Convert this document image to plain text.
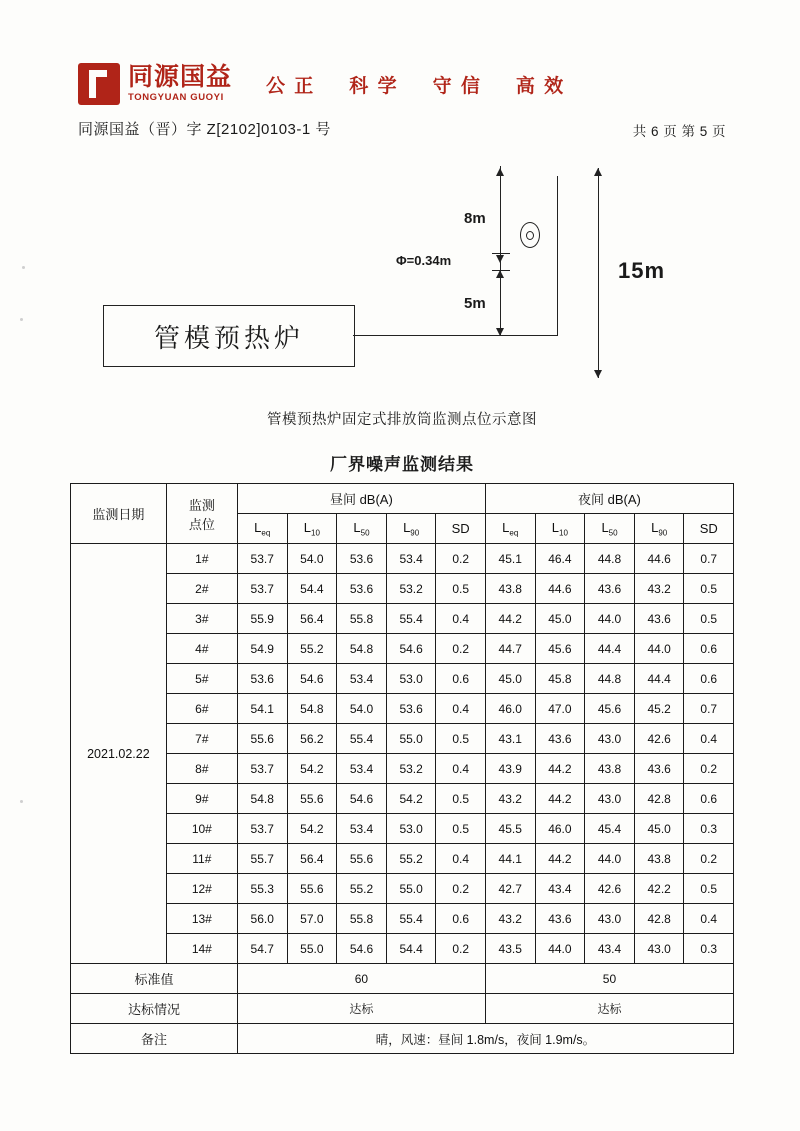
同源国益
TONGYUAN GUOYI
公 正 科 学 守 信 高 效
同源国益（晋）字 Z[2102]0103-1 号	共 6 页 第 5 页
管模预热炉
8m
5m
Φ=0.34m	15m
管模预热炉固定式排放筒监测点位示意图
厂界噪声监测结果
监测日期	监测
点位	昼间 dB(A)					夜间 dB(A)				
		$L_{eq}$	$L_{10}$	$L_{50}$	$L_{90}$	SD	$L_{eq}$	$L_{10}$	$L_{50}$	$L_{90}$	SD
2021.02.22	1#	53.7	54.0	53.6	53.4	0.2	45.1	46.4	44.8	44.6	0.7
	2#	53.7	54.4	53.6	53.2	0.5	43.8	44.6	43.6	43.2	0.5
	3#	55.9	56.4	55.8	55.4	0.4	44.2	45.0	44.0	43.6	0.5
	4#	54.9	55.2	54.8	54.6	0.2	44.7	45.6	44.4	44.0	0.6
	5#	53.6	54.6	53.4	53.0	0.6	45.0	45.8	44.8	44.4	0.6
	6#	54.1	54.8	54.0	53.6	0.4	46.0	47.0	45.6	45.2	0.7
	7#	55.6	56.2	55.4	55.0	0.5	43.1	43.6	43.0	42.6	0.4
	8#	53.7	54.2	53.4	53.2	0.4	43.9	44.2	43.8	43.6	0.2
	9#	54.8	55.6	54.6	54.2	0.5	43.2	44.2	43.0	42.8	0.6
	10#	53.7	54.2	53.4	53.0	0.5	45.5	46.0	45.4	45.0	0.3
	11#	55.7	56.4	55.6	55.2	0.4	44.1	44.2	44.0	43.8	0.2
	12#	55.3	55.6	55.2	55.0	0.2	42.7	43.4	42.6	42.2	0.5
	13#	56.0	57.0	55.8	55.4	0.6	43.2	43.6	43.0	42.8	0.4
	14#	54.7	55.0	54.6	54.4	0.2	43.5	44.0	43.4	43.0	0.3
标准值		60					50				
达标情况		达标					达标				
备注		晴，风速：昼间 1.8m/s，夜间 1.9m/s。									
